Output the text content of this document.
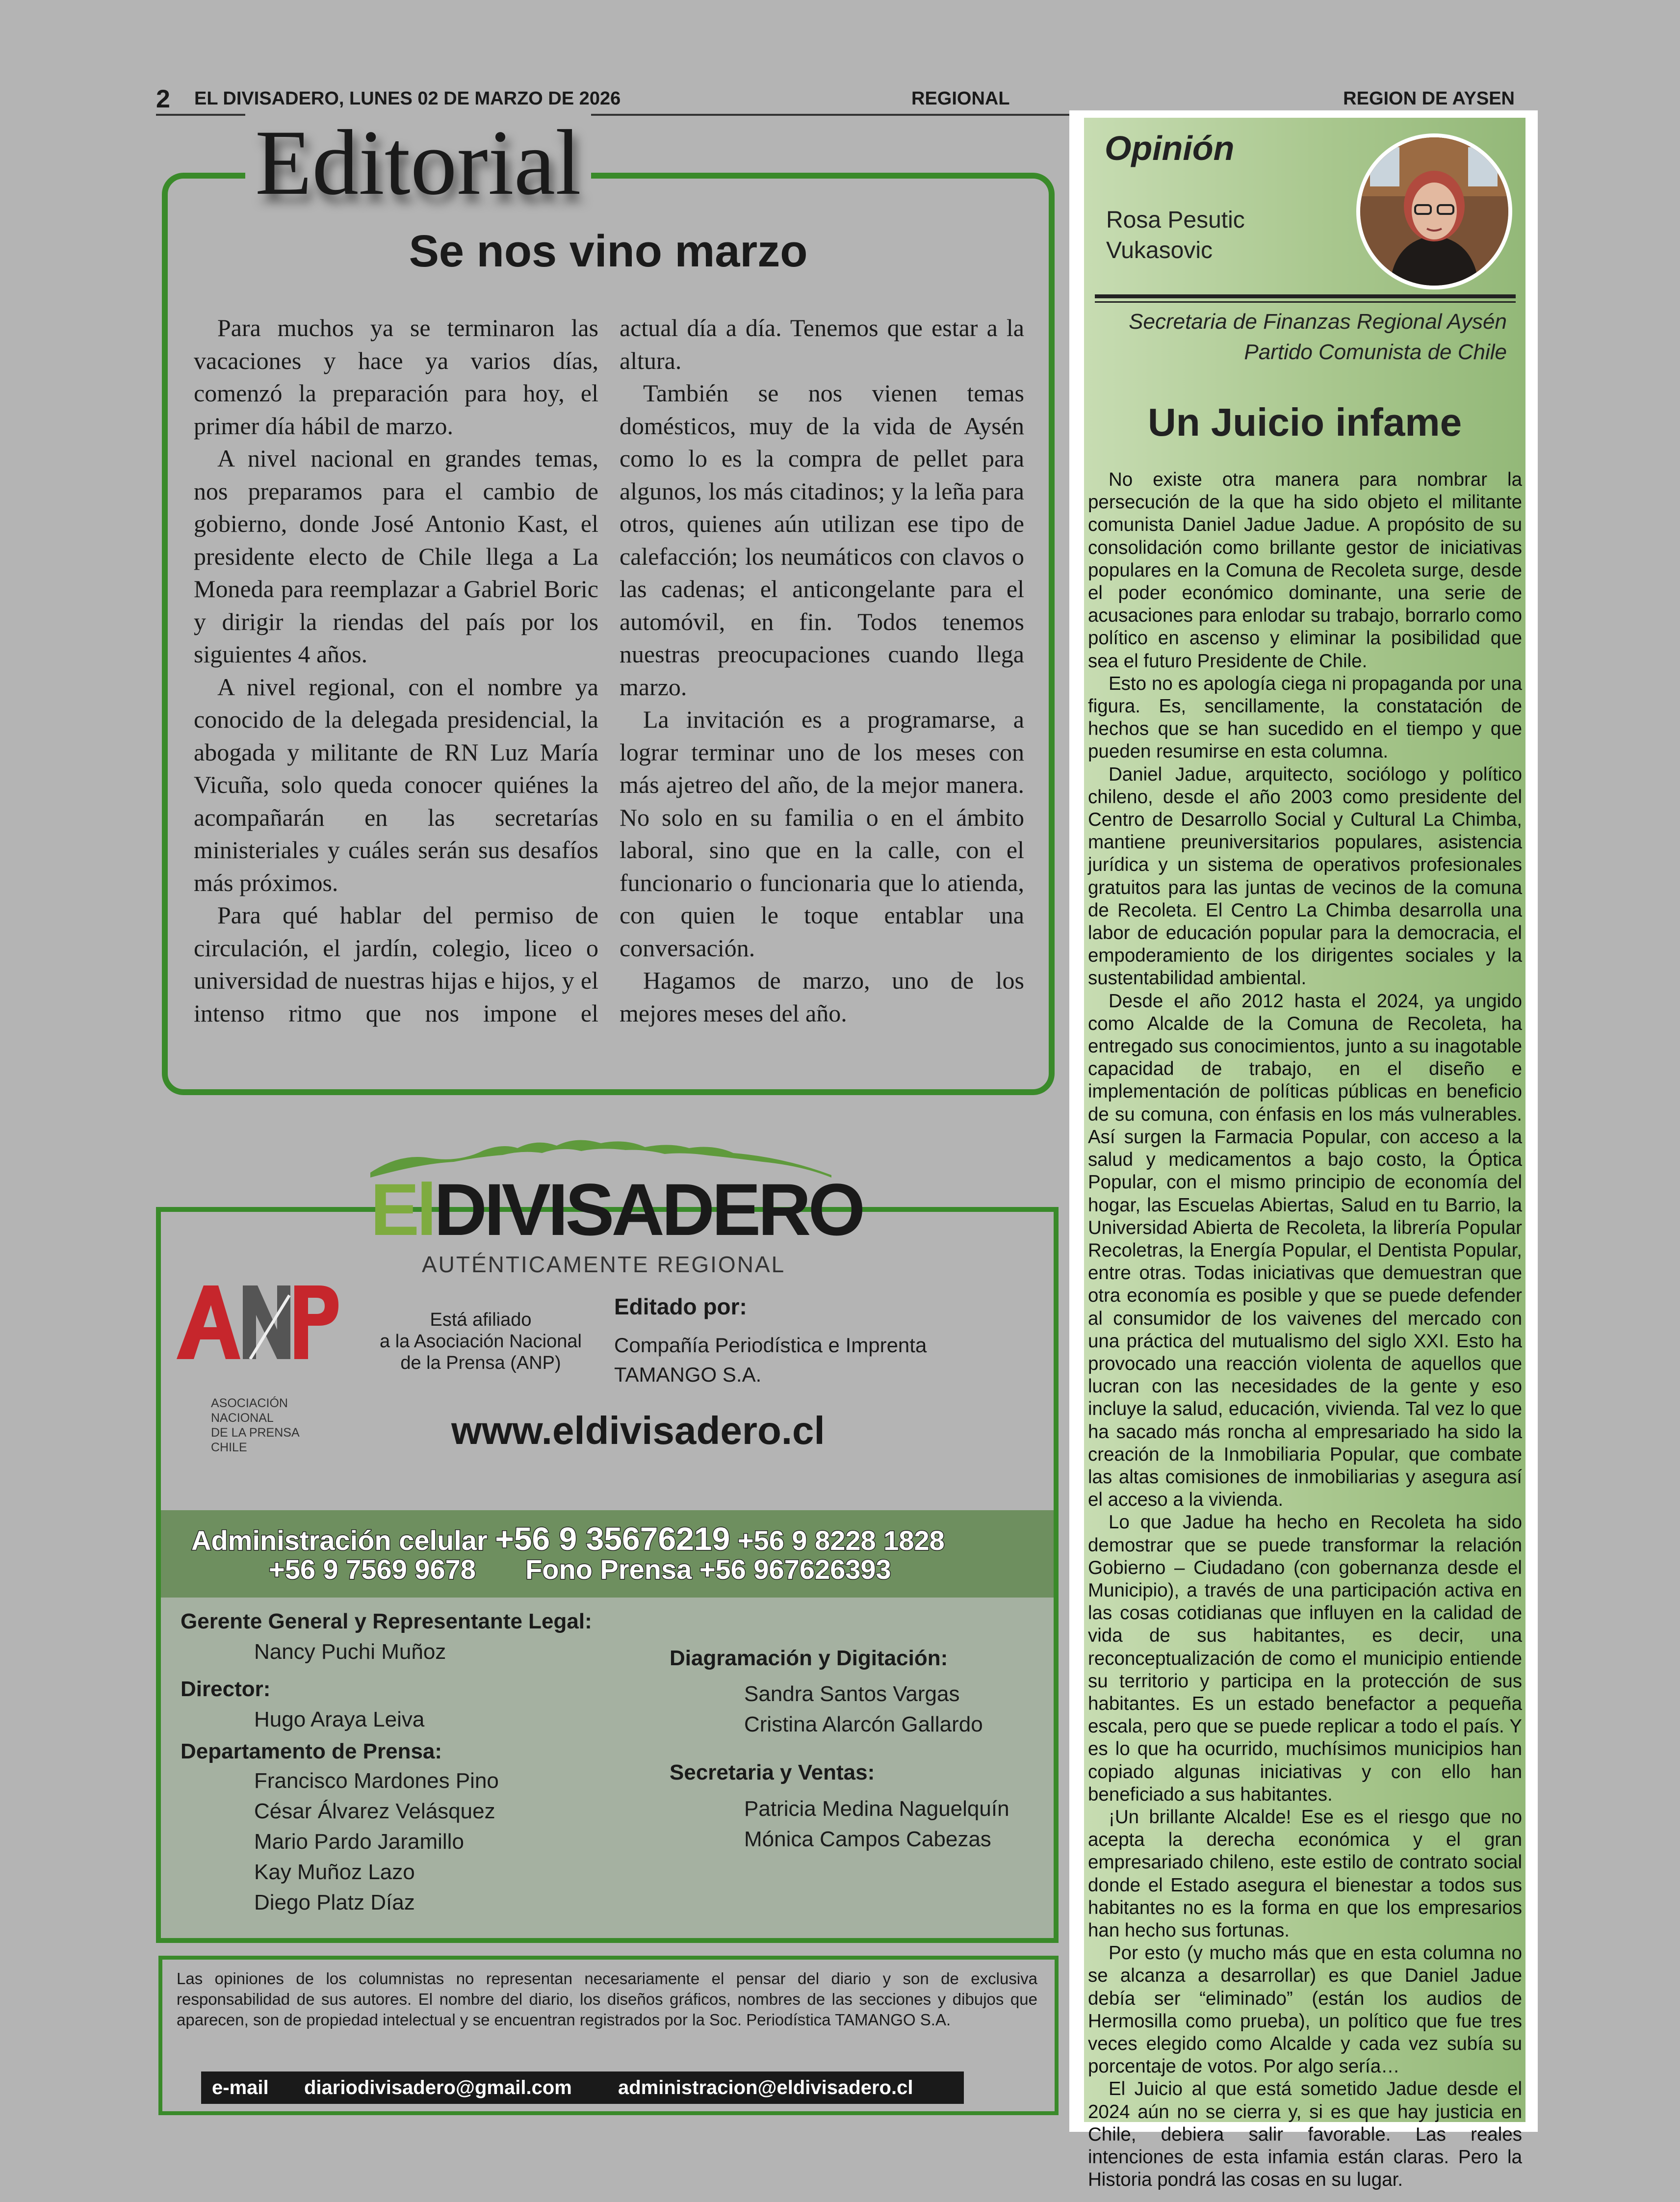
2 EL DIVISADERO, LUNES 02 DE MARZO DE 2026	REGIONAL	REGION DE AYSEN
Editorial
Se nos vino marzo

Para muchos ya se terminaron las vacaciones y hace ya varios días, comenzó la preparación para hoy, el primer día hábil de marzo.

A nivel nacional en grandes temas, nos preparamos para el cambio de gobierno, donde José Antonio Kast, el presidente electo de Chile llega a La Moneda para reemplazar a Gabriel Boric y dirigir la riendas del país por los siguientes 4 años.

A nivel regional, con el nombre ya conocido de la delegada presidencial, la abogada y militante de RN Luz María Vicuña, solo queda conocer quiénes la acompañarán en las secretarías ministeriales y cuáles serán sus desafíos más próximos.

Para qué hablar del permiso de circulación, el jardín, colegio, liceo o universidad de nuestras hijas e hijos, y el intenso ritmo que nos impone el

actual día a día. Tenemos que estar a la altura.

También se nos vienen temas domésticos, muy de la vida de Aysén como lo es la compra de pellet para algunos, los más citadinos; y la leña para otros, quienes aún utilizan ese tipo de calefacción; los neumáticos con clavos o las cadenas; el anticongelante para el automóvil, en fin. Todos tenemos nuestras preocupaciones cuando llega marzo.

La invitación es a programarse, a lograr terminar uno de los meses con más ajetreo del año, de la mejor manera. No solo en su familia o en el ámbito laboral, sino que en la calle, con el funcionario o funcionaria que lo atienda, con quien le toque entablar una conversación.

Hagamos de marzo, uno de los mejores meses del año.

ElDIVISADERO
AUTÉNTICAMENTE REGIONAL
ASOCIACIÓN
NACIONAL
DE LA PRENSA
CHILE
Está afiliado
a la Asociación Nacional
de la Prensa (ANP)
Editado por:
Compañía Periodística e Imprenta
TAMANGO S.A.
www.eldivisadero.cl
Administración celular +56 9 35676219 +56 9 8228 1828
+56 9 7569 9678 Fono Prensa +56 967626393
Gerente General y Representante Legal:
Nancy Puchi Muñoz
Director:
Hugo Araya Leiva
Departamento de Prensa:
Francisco Mardones Pino
César Álvarez Velásquez
Mario Pardo Jaramillo
Kay Muñoz Lazo
Diego Platz Díaz
Diagramación y Digitación:
Sandra Santos Vargas
Cristina Alarcón Gallardo
Secretaria y Ventas:
Patricia Medina Naguelquín
Mónica Campos Cabezas
Las opiniones de los columnistas no representan necesariamente el pensar del diario y son de exclusiva responsabilidad de sus autores. El nombre del diario, los diseños gráficos, nombres de las secciones y dibujos que aparecen, son de propiedad intelectual y se encuentran registrados por la Soc. Periodística TAMANGO S.A.
e-mail diariodivisadero@gmail.com administracion@eldivisadero.cl
Opinión
Rosa Pesutic
Vukasovic
Secretaria de Finanzas Regional Aysén
Partido Comunista de Chile
Un Juicio infame

No existe otra manera para nombrar la persecución de la que ha sido objeto el militante comunista Daniel Jadue Jadue. A propósito de su consolidación como brillante gestor de iniciativas populares en la Comuna de Recoleta surge, desde el poder económico dominante, una serie de acusaciones para enlodar su trabajo, borrarlo como político en ascenso y eliminar la posibilidad que sea el futuro Presidente de Chile.

Esto no es apología ciega ni propaganda por una figura. Es, sencillamente, la constatación de hechos que se han sucedido en el tiempo y que pueden resumirse en esta columna.

Daniel Jadue, arquitecto, sociólogo y político chileno, desde el año 2003 como presidente del Centro de Desarrollo Social y Cultural La Chimba, mantiene preuniversitarios populares, asistencia jurídica y un sistema de operativos profesionales gratuitos para las juntas de vecinos de la comuna de Recoleta. El Centro La Chimba desarrolla una labor de educación popular para la democracia, el empoderamiento de los dirigentes sociales y la sustentabilidad ambiental.

Desde el año 2012 hasta el 2024, ya ungido como Alcalde de la Comuna de Recoleta, ha entregado sus conocimientos, junto a su inagotable capacidad de trabajo, en el diseño e implementación de políticas públicas en beneficio de su comuna, con énfasis en los más vulnerables. Así surgen la Farmacia Popular, con acceso a la salud y medicamentos a bajo costo, la Óptica Popular, con el mismo principio de economía del hogar, las Escuelas Abiertas, Salud en tu Barrio, la Universidad Abierta de Recoleta, la librería Popular Recoletras, la Energía Popular, el Dentista Popular, entre otras. Todas iniciativas que demuestran que otra economía es posible y que se puede defender al consumidor de los vaivenes del mercado con una práctica del mutualismo del siglo XXI. Esto ha provocado una reacción violenta de aquellos que lucran con las necesidades de la gente y eso incluye la salud, educación, vivienda. Tal vez lo que ha sacado más roncha al empresariado ha sido la creación de la Inmobiliaria Popular, que combate las altas comisiones de inmobiliarias y asegura así el acceso a la vivienda.

Lo que Jadue ha hecho en Recoleta ha sido demostrar que se puede transformar la relación Gobierno – Ciudadano (con gobernanza desde el Municipio), a través de una participación activa en las cosas cotidianas que influyen en la calidad de vida de sus habitantes, es decir, una reconceptualización de como el municipio entiende su territorio y participa en la protección de sus habitantes. Es un estado benefactor a pequeña escala, pero que se puede replicar a todo el país. Y es lo que ha ocurrido, muchísimos municipios han copiado algunas iniciativas y con ello han beneficiado a sus habitantes.

¡Un brillante Alcalde! Ese es el riesgo que no acepta la derecha económica y el gran empresariado chileno, este estilo de contrato social donde el Estado asegura el bienestar a todos sus habitantes no es la forma en que los empresarios han hecho sus fortunas.

Por esto (y mucho más que en esta columna no se alcanza a desarrollar) es que Daniel Jadue debía ser “eliminado” (están los audios de Hermosilla como prueba), un político que fue tres veces elegido como Alcalde y cada vez subía su porcentaje de votos. Por algo sería…

El Juicio al que está sometido Jadue desde el 2024 aún no se cierra y, si es que hay justicia en Chile, debiera salir favorable. Las reales intenciones de esta infamia están claras. Pero la Historia pondrá las cosas en su lugar.
